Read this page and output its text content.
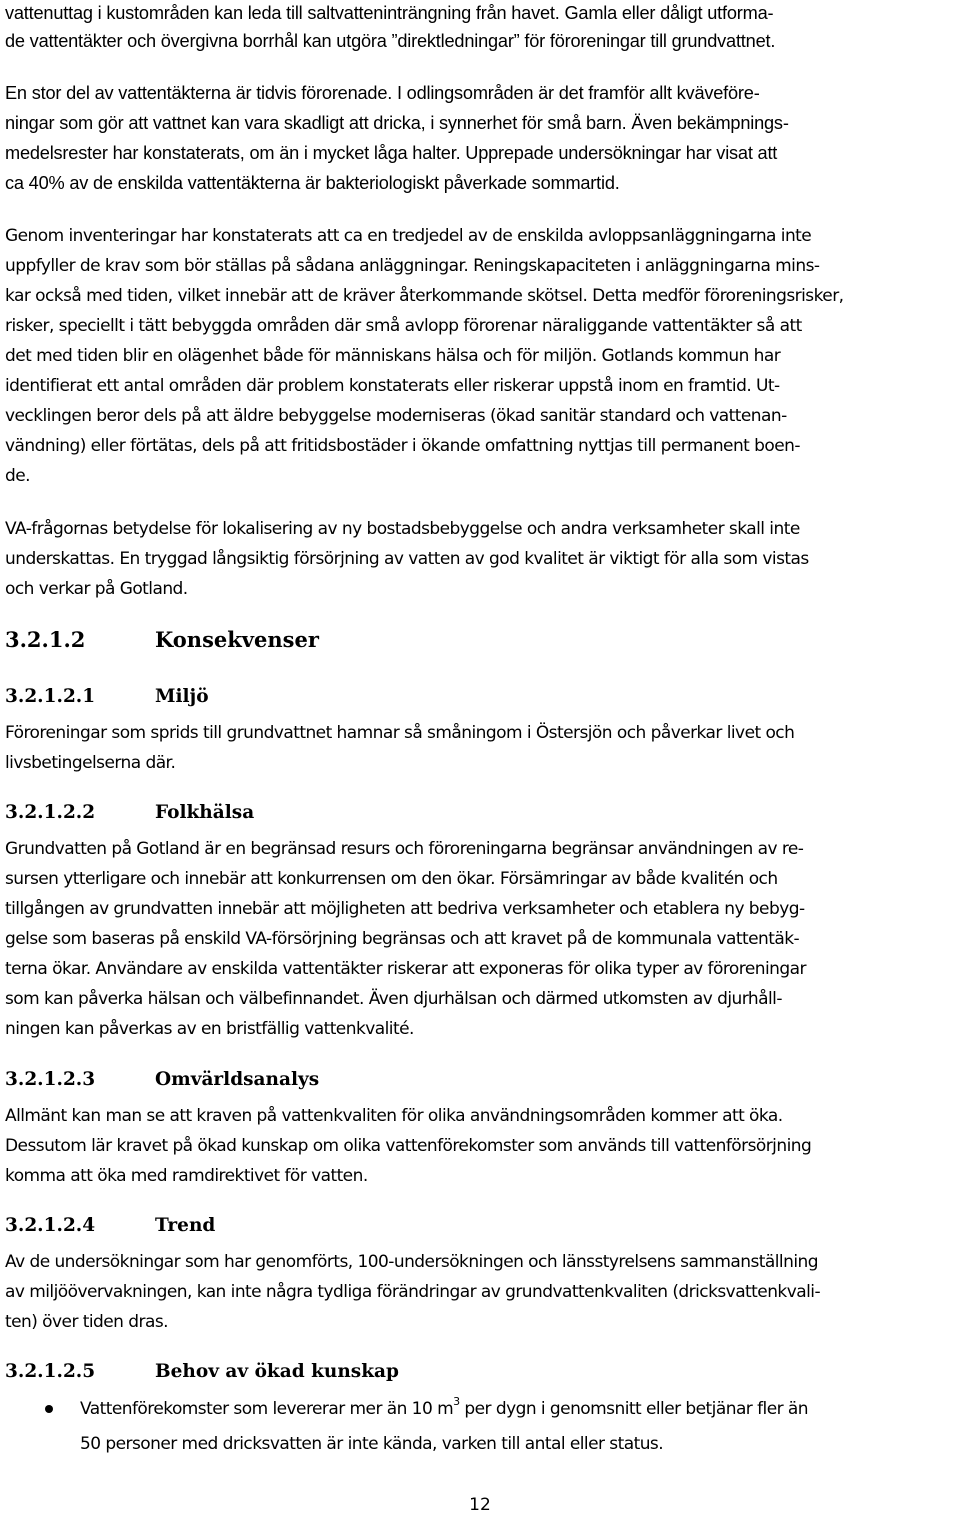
vattenuttag i kustområden kan leda till saltvatteninträngning från havet. Gamla eller dåligt utforma-
de vattentäkter och övergivna borrhål kan utgöra ”direktledningar” för föroreningar till grundvattnet.
En stor del av vattentäkterna är tidvis förorenade. I odlingsområden är det framför allt kväveföre-
ningar som gör att vattnet kan vara skadligt att dricka, i synnerhet för små barn. Även bekämpnings-
medelsrester har konstaterats, om än i mycket låga halter. Upprepade undersökningar har visat att
ca 40% av de enskilda vattentäkterna är bakteriologiskt påverkade sommartid.
Genom inventeringar har konstaterats att ca en tredjedel av de enskilda avloppsanläggningarna inte
uppfyller de krav som bör ställas på sådana anläggningar. Reningskapaciteten i anläggningarna mins-
kar också med tiden, vilket innebär att de kräver återkommande skötsel. Detta medför föroreningsrisker,
risker, speciellt i tätt bebyggda områden där små avlopp förorenar näraliggande vattentäkter så att
det med tiden blir en olägenhet både för människans hälsa och för miljön. Gotlands kommun har
identifierat ett antal områden där problem konstaterats eller riskerar uppstå inom en framtid. Ut-
vecklingen beror dels på att äldre bebyggelse moderniseras (ökad sanitär standard och vattenan-
vändning) eller förtätas, dels på att fritidsbostäder i ökande omfattning nyttjas till permanent boen-
de.
VA-frågornas betydelse för lokalisering av ny bostadsbebyggelse och andra verksamheter skall inte
underskattas. En tryggad långsiktig försörjning av vatten av god kvalitet är viktigt för alla som vistas
och verkar på Gotland.
3.2.1.2	Konsekvenser
3.2.1.2.1	Miljö
Föroreningar som sprids till grundvattnet hamnar så småningom i Östersjön och påverkar livet och
livsbetingelserna där.
3.2.1.2.2	Folkhälsa
Grundvatten på Gotland är en begränsad resurs och föroreningarna begränsar användningen av re-
sursen ytterligare och innebär att konkurrensen om den ökar. Försämringar av både kvalitén och
tillgången av grundvatten innebär att möjligheten att bedriva verksamheter och etablera ny bebyg-
gelse som baseras på enskild VA-försörjning begränsas och att kravet på de kommunala vattentäk-
terna ökar. Användare av enskilda vattentäkter riskerar att exponeras för olika typer av föroreningar
som kan påverka hälsan och välbefinnandet. Även djurhälsan och därmed utkomsten av djurhåll-
ningen kan påverkas av en bristfällig vattenkvalité.
3.2.1.2.3	Omvärldsanalys
Allmänt kan man se att kraven på vattenkvaliten för olika användningsområden kommer att öka.
Dessutom lär kravet på ökad kunskap om olika vattenförekomster som används till vattenförsörjning
komma att öka med ramdirektivet för vatten.
3.2.1.2.4	Trend
Av de undersökningar som har genomförts, 100-undersökningen och länsstyrelsens sammanställning
av miljöövervakningen, kan inte några tydliga förändringar av grundvattenkvaliten (dricksvattenkvali-
ten) över tiden dras.
3.2.1.2.5	Behov av ökad kunskap
Vattenförekomster som levererar mer än 10 $m^3$ per dygn i genomsnitt eller betjänar fler än
50 personer med dricksvatten är inte kända, varken till antal eller status.
12
